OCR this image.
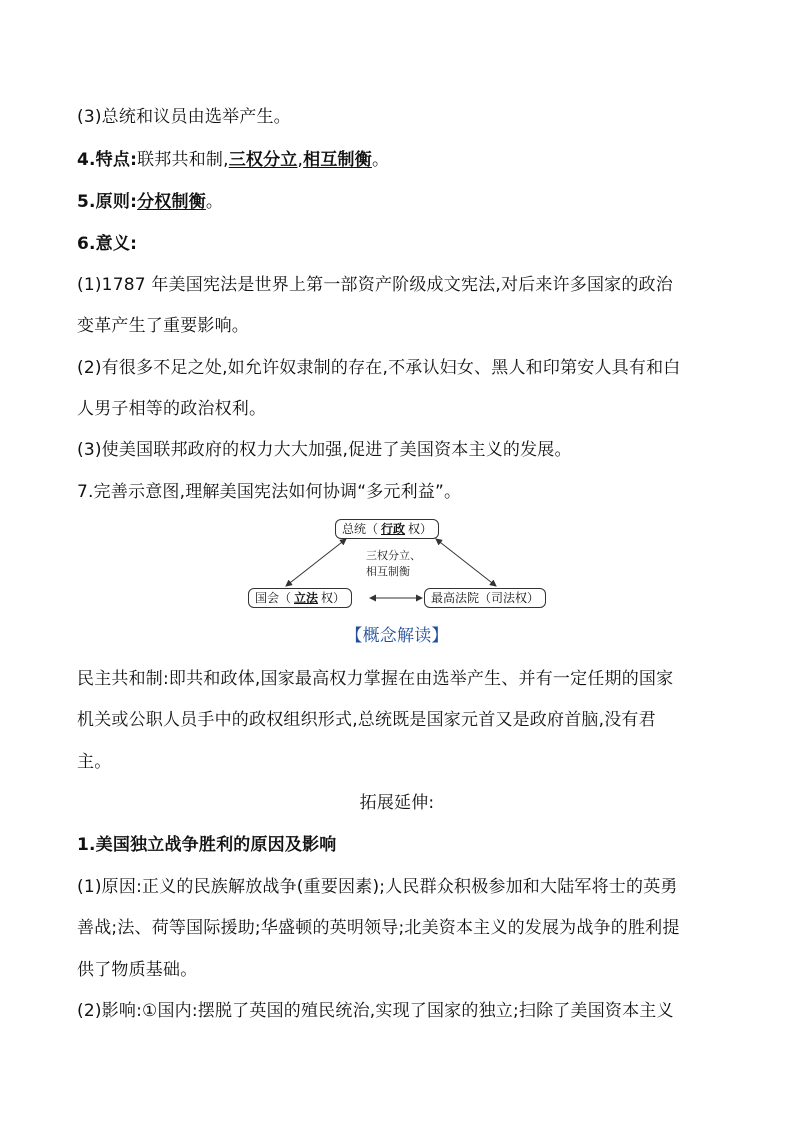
(3)总统和议员由选举产生。
4.特点:联邦共和制,三权分立,相互制衡。
5.原则:分权制衡。
6.意义:
(1)1787 年美国宪法是世界上第一部资产阶级成文宪法,对后来许多国家的政治
变革产生了重要影响。
(2)有很多不足之处,如允许奴隶制的存在,不承认妇女、黑人和印第安人具有和白
人男子相等的政治权利。
(3)使美国联邦政府的权力大大加强,促进了美国资本主义的发展。
7.完善示意图,理解美国宪法如何协调“多元利益”。
总统（ 行政 权）
国会（ 立法 权）	最高法院（司法权）
三权分立、
相互制衡
【概念解读】
民主共和制:即共和政体,国家最高权力掌握在由选举产生、并有一定任期的国家
机关或公职人员手中的政权组织形式,总统既是国家元首又是政府首脑,没有君
主。
拓展延伸:
1.美国独立战争胜利的原因及影响
(1)原因:正义的民族解放战争(重要因素);人民群众积极参加和大陆军将士的英勇
善战;法、荷等国际援助;华盛顿的英明领导;北美资本主义的发展为战争的胜利提
供了物质基础。
(2)影响:①国内:摆脱了英国的殖民统治,实现了国家的独立;扫除了美国资本主义
